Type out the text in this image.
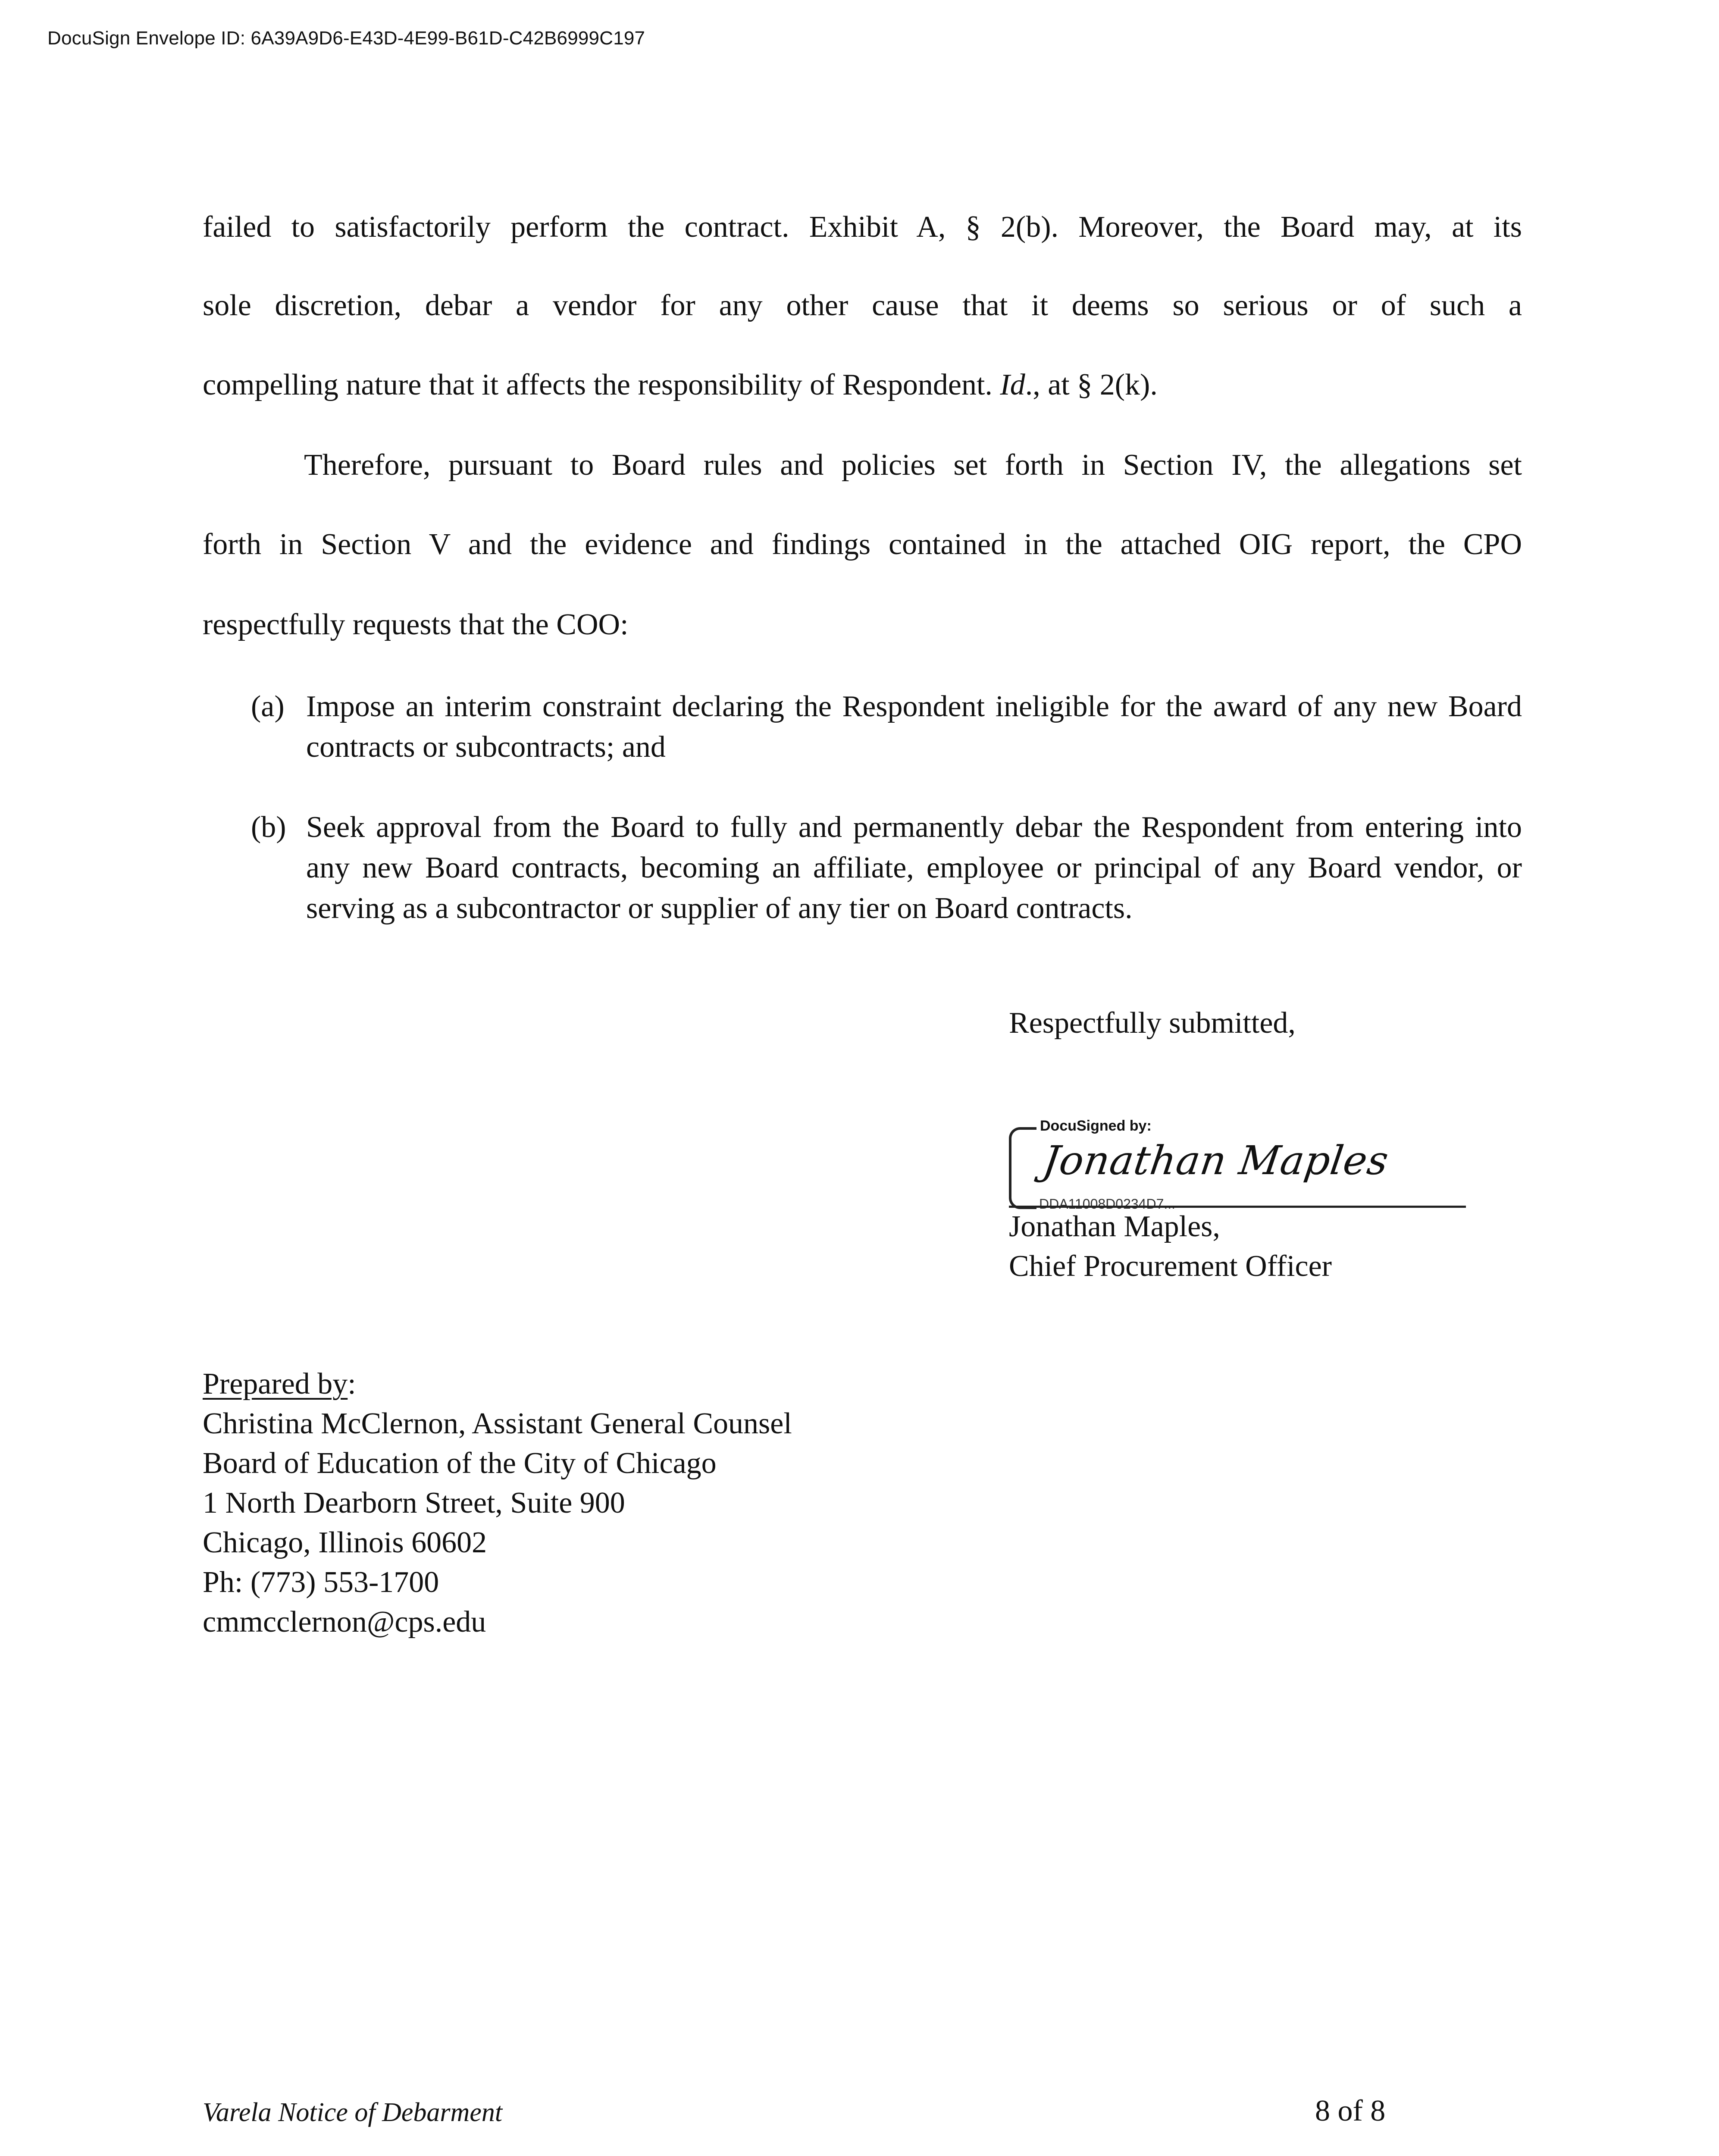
DocuSign Envelope ID: 6A39A9D6-E43D-4E99-B61D-C42B6999C197
failed to satisfactorily perform the contract. Exhibit A, § 2(b). Moreover, the Board may, at its
sole discretion, debar a vendor for any other cause that it deems so serious or of such a
compelling nature that it affects the responsibility of Respondent. Id., at § 2(k).
Therefore, pursuant to Board rules and policies set forth in Section IV, the allegations set
forth in Section V and the evidence and findings contained in the attached OIG report, the CPO
respectfully requests that the COO:
(a) Impose an interim constraint declaring the Respondent ineligible for the award of any new Board contracts or subcontracts; and
(b) Seek approval from the Board to fully and permanently debar the Respondent from entering into any new Board contracts, becoming an affiliate, employee or principal of any Board vendor, or serving as a subcontractor or supplier of any tier on Board contracts.
Respectfully submitted,
DocuSigned by:
Jonathan Maples
DDA11008D0234D7...
Jonathan Maples,
Chief Procurement Officer
Prepared by:
Christina McClernon, Assistant General Counsel
Board of Education of the City of Chicago
1 North Dearborn Street, Suite 900
Chicago, Illinois 60602
Ph: (773) 553-1700
cmmcclernon@cps.edu
Varela Notice of Debarment	8 of 8
